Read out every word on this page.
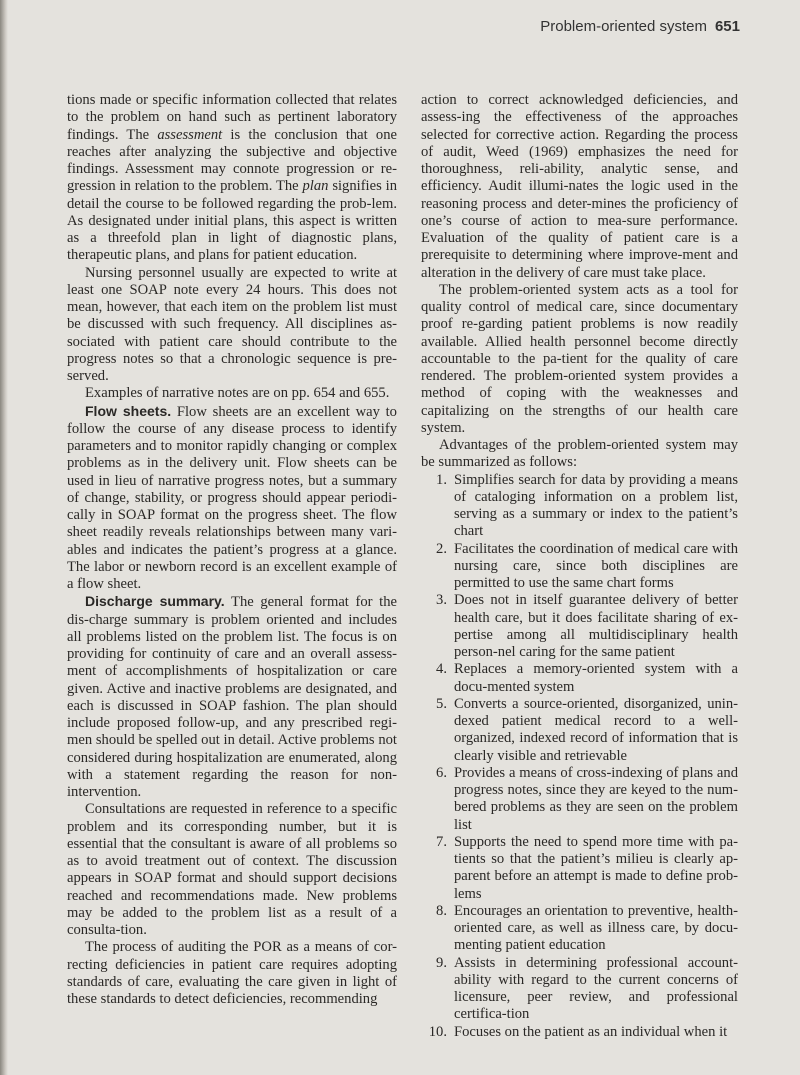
Problem-oriented system 651

tions made or specific information collected that relates to the problem on hand such as pertinent laboratory findings. The assessment is the conclusion that one reaches after analyzing the subjective and objective findings. Assessment may connote progression or re-gression in relation to the problem. The plan signifies in detail the course to be followed regarding the prob-lem. As designated under initial plans, this aspect is written as a threefold plan in light of diagnostic plans, therapeutic plans, and plans for patient education.

Nursing personnel usually are expected to write at least one SOAP note every 24 hours. This does not mean, however, that each item on the problem list must be discussed with such frequency. All disciplines as-sociated with patient care should contribute to the progress notes so that a chronologic sequence is pre-served.

Examples of narrative notes are on pp. 654 and 655.

Flow sheets. Flow sheets are an excellent way to follow the course of any disease process to identify parameters and to monitor rapidly changing or complex problems as in the delivery unit. Flow sheets can be used in lieu of narrative progress notes, but a summary of change, stability, or progress should appear periodi-cally in SOAP format on the progress sheet. The flow sheet readily reveals relationships between many vari-ables and indicates the patient’s progress at a glance. The labor or newborn record is an excellent example of a flow sheet.

Discharge summary. The general format for the dis-charge summary is problem oriented and includes all problems listed on the problem list. The focus is on providing for continuity of care and an overall assess-ment of accomplishments of hospitalization or care given. Active and inactive problems are designated, and each is discussed in SOAP fashion. The plan should include proposed follow-up, and any prescribed regi-men should be spelled out in detail. Active problems not considered during hospitalization are enumerated, along with a statement regarding the reason for non-intervention.

Consultations are requested in reference to a specific problem and its corresponding number, but it is essential that the consultant is aware of all problems so as to avoid treatment out of context. The discussion appears in SOAP format and should support decisions reached and recommendations made. New problems may be added to the problem list as a result of a consulta-tion.

The process of auditing the POR as a means of cor-recting deficiencies in patient care requires adopting standards of care, evaluating the care given in light of these standards to detect deficiencies, recommending

action to correct acknowledged deficiencies, and assess-ing the effectiveness of the approaches selected for corrective action. Regarding the process of audit, Weed (1969) emphasizes the need for thoroughness, reli-ability, analytic sense, and efficiency. Audit illumi-nates the logic used in the reasoning process and deter-mines the proficiency of one’s course of action to mea-sure performance. Evaluation of the quality of patient care is a prerequisite to determining where improve-ment and alteration in the delivery of care must take place.

The problem-oriented system acts as a tool for quality control of medical care, since documentary proof re-garding patient problems is now readily available. Allied health personnel become directly accountable to the pa-tient for the quality of care rendered. The problem-oriented system provides a method of coping with the weaknesses and capitalizing on the strengths of our health care system.

Advantages of the problem-oriented system may be summarized as follows:

1. Simplifies search for data by providing a means of cataloging information on a problem list, serving as a summary or index to the patient’s chart
2. Facilitates the coordination of medical care with nursing care, since both disciplines are permitted to use the same chart forms
3. Does not in itself guarantee delivery of better health care, but it does facilitate sharing of ex-pertise among all multidisciplinary health person-nel caring for the same patient
4. Replaces a memory-oriented system with a docu-mented system
5. Converts a source-oriented, disorganized, unin-dexed patient medical record to a well-organized, indexed record of information that is clearly visible and retrievable
6. Provides a means of cross-indexing of plans and progress notes, since they are keyed to the num-bered problems as they are seen on the problem list
7. Supports the need to spend more time with pa-tients so that the patient’s milieu is clearly ap-parent before an attempt is made to define prob-lems
8. Encourages an orientation to preventive, health-oriented care, as well as illness care, by docu-menting patient education
9. Assists in determining professional account-ability with regard to the current concerns of licensure, peer review, and professional certifica-tion
10. Focuses on the patient as an individual when it
